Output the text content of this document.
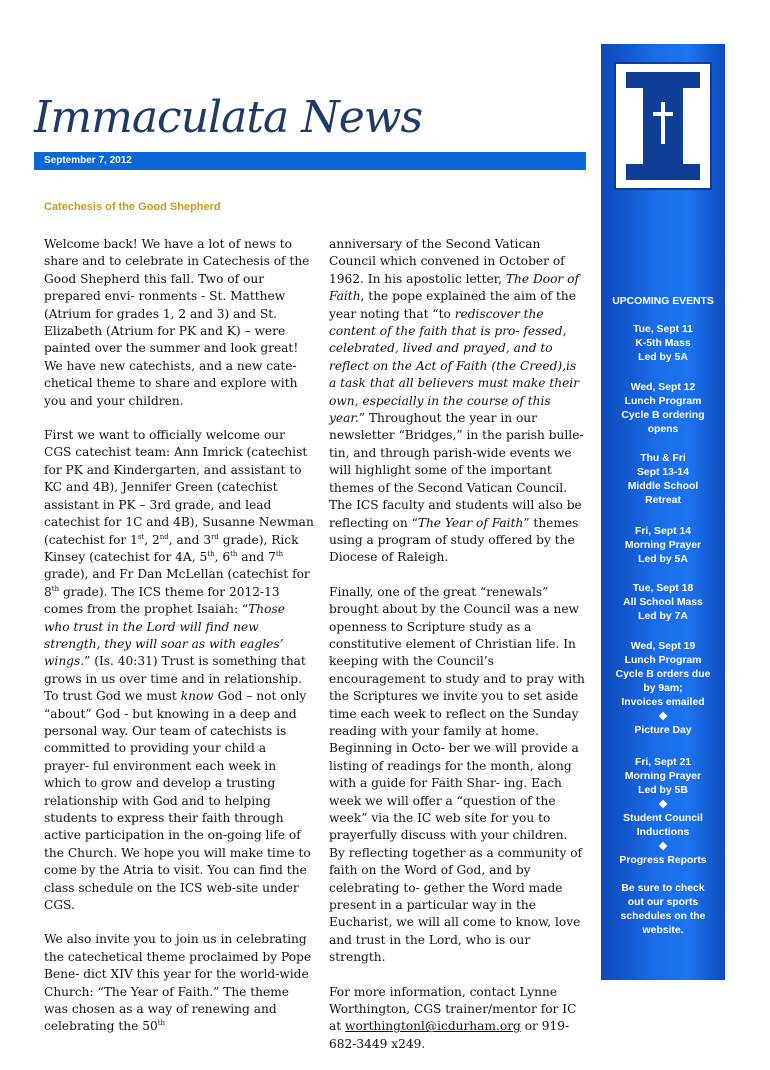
Immaculata News
September 7, 2012
Catechesis of the Good Shepherd

Welcome back! We have a lot of news to share and to celebrate in Catechesis of the Good Shepherd this fall. Two of our prepared envi- ronments - St. Matthew (Atrium for grades 1, 2 and 3) and St. Elizabeth (Atrium for PK and K) – were painted over the summer and look great! We have new catechists, and a new cate- chetical theme to share and explore with you and your children.

First we want to officially welcome our CGS catechist team: Ann Imrick (catechist for PK and Kindergarten, and assistant to KC and 4B), Jennifer Green (catechist assistant in PK – 3rd grade, and lead catechist for 1C and 4B), Susanne Newman (catechist for 1st, 2nd, and 3rd grade), Rick Kinsey (catechist for 4A, 5th, 6th and 7th grade), and Fr Dan McLellan (catechist for 8th grade). The ICS theme for 2012-13 comes from the prophet Isaiah: “Those who trust in the Lord will find new strength, they will soar as with eagles’ wings.” (Is. 40:31) Trust is something that grows in us over time and in relationship. To trust God we must know God – not only “about” God - but knowing in a deep and personal way. Our team of catechists is committed to providing your child a prayer- ful environment each week in which to grow and develop a trusting relationship with God and to helping students to express their faith through active participation in the on-going life of the Church. We hope you will make time to come by the Atria to visit. You can find the class schedule on the ICS web-site under CGS.

We also invite you to join us in celebrating the catechetical theme proclaimed by Pope Bene- dict XIV this year for the world-wide Church: “The Year of Faith.” The theme was chosen as a way of renewing and celebrating the 50th

anniversary of the Second Vatican Council which convened in October of 1962. In his apostolic letter, The Door of Faith, the pope explained the aim of the year noting that “to rediscover the content of the faith that is pro- fessed, celebrated, lived and prayed, and to reflect on the Act of Faith (the Creed),is a task that all believers must make their own, especially in the course of this year.” Throughout the year in our newsletter “Bridges,” in the parish bulle- tin, and through parish-wide events we will highlight some of the important themes of the Second Vatican Council. The ICS faculty and students will also be reflecting on “The Year of Faith” themes using a program of study offered by the Diocese of Raleigh.

Finally, one of the great “renewals” brought about by the Council was a new openness to Scripture study as a constitutive element of Christian life. In keeping with the Council’s encouragement to study and to pray with the Scriptures we invite you to set aside time each week to reflect on the Sunday reading with your family at home. Beginning in Octo- ber we will provide a listing of readings for the month, along with a guide for Faith Shar- ing. Each week we will offer a “question of the week” via the IC web site for you to prayerfully discuss with your children. By reflecting together as a community of faith on the Word of God, and by celebrating to- gether the Word made present in a particular way in the Eucharist, we will all come to know, love and trust in the Lord, who is our strength.

For more information, contact Lynne Worthington, CGS trainer/mentor for IC at worthingtonl@icdurham.org or 919-682-3449 x249.

UPCOMING EVENTS
Tue, Sept 11
K-5th Mass
Led by 5A
Wed, Sept 12
Lunch Program
Cycle B ordering
opens
Thu & Fri
Sept 13-14
Middle School
Retreat
Fri, Sept 14
Morning Prayer
Led by 5A
Tue, Sept 18
All School Mass
Led by 7A
Wed, Sept 19
Lunch Program
Cycle B orders due
by 9am;
Invoices emailed
❖
Picture Day
Fri, Sept 21
Morning Prayer
Led by 5B
❖
Student Council
Inductions
❖
Progress Reports
Be sure to check
out our sports
schedules on the
website.
